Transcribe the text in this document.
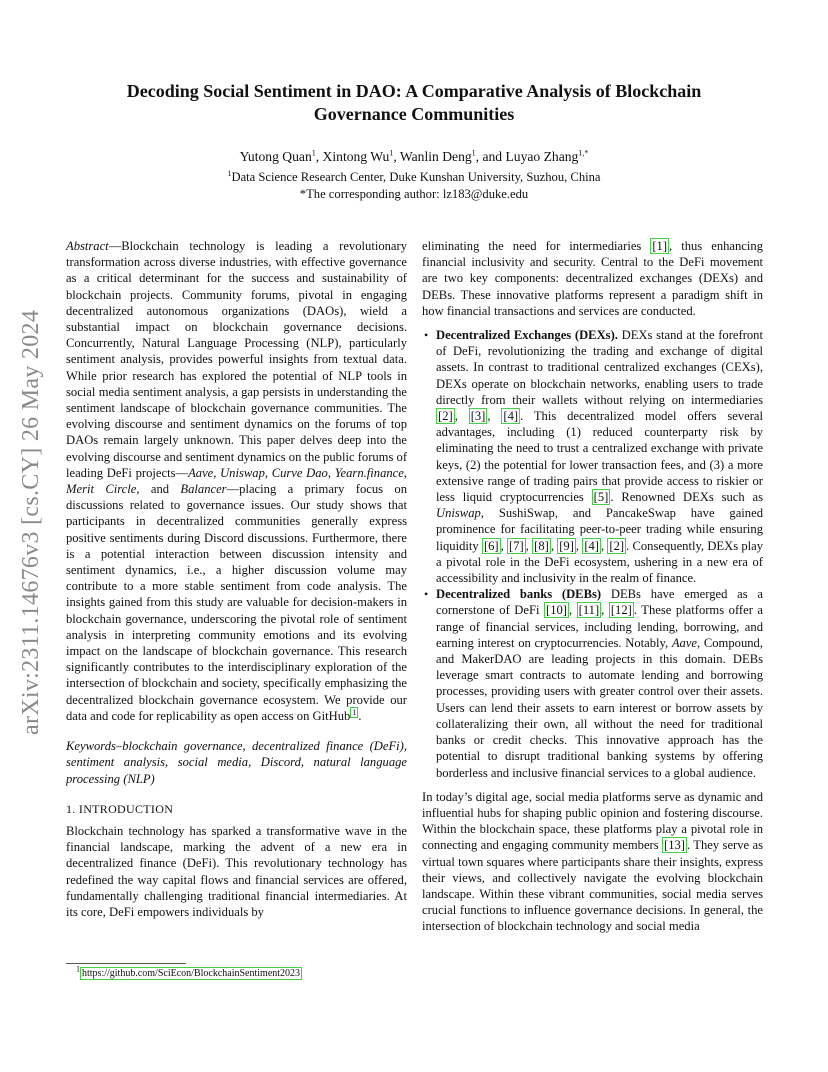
arXiv:2311.14676v3 [cs.CY] 26 May 2024
Decoding Social Sentiment in DAO: A Comparative Analysis of Blockchain
Governance Communities
Yutong Quan$^1$, Xintong Wu$^1$, Wanlin Deng$^1$, and Luyao Zhang$^{1,*}$
$^1$Data Science Research Center, Duke Kunshan University, Suzhou, China
*The corresponding author: lz183@duke.edu

Abstract—Blockchain technology is leading a revolutionary transformation across diverse industries, with effective governance as a critical determinant for the success and sustainability of blockchain projects. Community forums, pivotal in engaging decentralized autonomous organizations (DAOs), wield a substantial impact on blockchain governance decisions. Concurrently, Natural Language Processing (NLP), particularly sentiment analysis, provides powerful insights from textual data. While prior research has explored the potential of NLP tools in social media sentiment analysis, a gap persists in understanding the sentiment landscape of blockchain governance communities. The evolving discourse and sentiment dynamics on the forums of top DAOs remain largely unknown. This paper delves deep into the evolving discourse and sentiment dynamics on the public forums of leading DeFi projects—Aave, Uniswap, Curve Dao, Yearn.finance, Merit Circle, and Balancer—placing a primary focus on discussions related to governance issues. Our study shows that participants in decentralized communities generally express positive sentiments during Discord discussions. Furthermore, there is a potential interaction between discussion intensity and sentiment dynamics, i.e., a higher discussion volume may contribute to a more stable sentiment from code analysis. The insights gained from this study are valuable for decision-makers in blockchain governance, underscoring the pivotal role of sentiment analysis in interpreting community emotions and its evolving impact on the landscape of blockchain governance. This research significantly contributes to the interdisciplinary exploration of the intersection of blockchain and society, specifically emphasizing the decentralized blockchain governance ecosystem. We provide our data and code for replicability as open access on GitHub $^1$ .

Keywords–blockchain governance, decentralized finance (DeFi), sentiment analysis, social media, Discord, natural language processing (NLP)

1. INTRODUCTION

Blockchain technology has sparked a transformative wave in the financial landscape, marking the advent of a new era in decentralized finance (DeFi). This revolutionary technology has redefined the way capital flows and financial services are offered, fundamentally challenging traditional financial intermediaries. At its core, DeFi empowers individuals by

eliminating the need for intermediaries [1] , thus enhancing financial inclusivity and security. Central to the DeFi movement are two key components: decentralized exchanges (DEXs) and DEBs. These innovative platforms represent a paradigm shift in how financial transactions and services are conducted.

• Decentralized Exchanges (DEXs). DEXs stand at the forefront of DeFi, revolutionizing the trading and exchange of digital assets. In contrast to traditional centralized exchanges (CEXs), DEXs operate on blockchain networks, enabling users to trade directly from their wallets without relying on intermediaries [2] , [3] , [4] . This decentralized model offers several advantages, including (1) reduced counterparty risk by eliminating the need to trust a centralized exchange with private keys, (2) the potential for lower transaction fees, and (3) a more extensive range of trading pairs that provide access to riskier or less liquid cryptocurrencies [5] . Renowned DEXs such as Uniswap, SushiSwap, and PancakeSwap have gained prominence for facilitating peer-to-peer trading while ensuring liquidity [6] , [7] , [8] , [9] , [4] , [2] . Consequently, DEXs play a pivotal role in the DeFi ecosystem, ushering in a new era of accessibility and inclusivity in the realm of finance.
• Decentralized banks (DEBs) DEBs have emerged as a cornerstone of DeFi [10] , [11] , [12] . These platforms offer a range of financial services, including lending, borrowing, and earning interest on cryptocurrencies. Notably, Aave, Compound, and MakerDAO are leading projects in this domain. DEBs leverage smart contracts to automate lending and borrowing processes, providing users with greater control over their assets. Users can lend their assets to earn interest or borrow assets by collateralizing their own, all without the need for traditional banks or credit checks. This innovative approach has the potential to disrupt traditional banking systems by offering borderless and inclusive financial services to a global audience.

In today’s digital age, social media platforms serve as dynamic and influential hubs for shaping public opinion and fostering discourse. Within the blockchain space, these platforms play a pivotal role in connecting and engaging community members [13] . They serve as virtual town squares where participants share their insights, express their views, and collectively navigate the evolving blockchain landscape. Within these vibrant communities, social media serves crucial functions to influence governance decisions. In general, the intersection of blockchain technology and social media

$^1$ https://github.com/SciEcon/BlockchainSentiment2023
